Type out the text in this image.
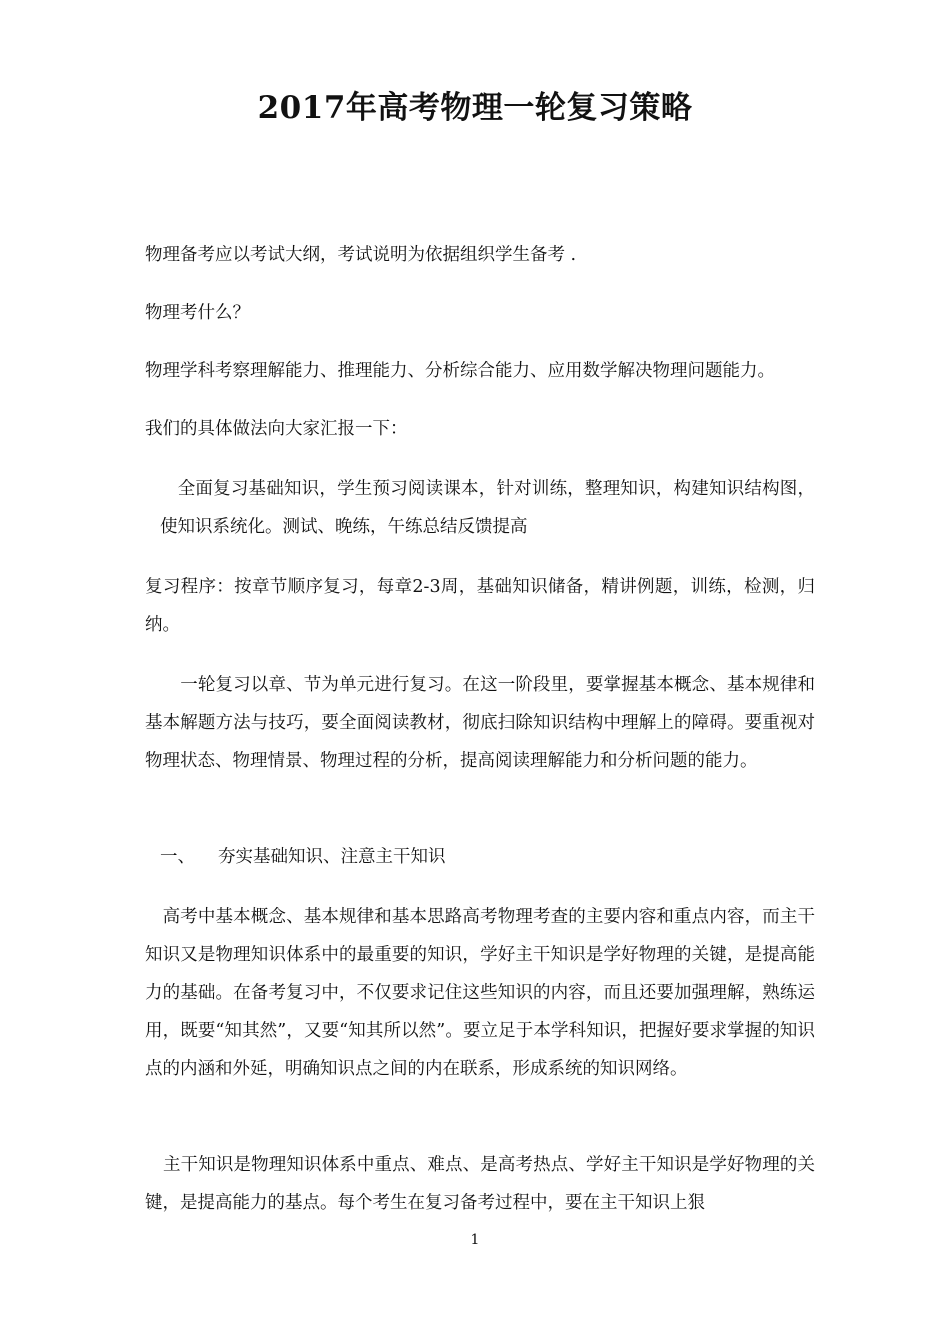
2017年高考物理一轮复习策略

物理备考应以考试大纲，考试说明为依据组织学生备考 .

物理考什么？

物理学科考察理解能力、推理能力、分析综合能力、应用数学解决物理问题能力。

我们的具体做法向大家汇报一下：

　全面复习基础知识，学生预习阅读课本，针对训练，整理知识，构建知识结构图，使知识系统化。测试、晚练，午练总结反馈提高

复习程序：按章节顺序复习，每章2-3周，基础知识储备，精讲例题，训练，检测，归纳。

　　一轮复习以章、节为单元进行复习。在这一阶段里，要掌握基本概念、基本规律和基本解题方法与技巧，要全面阅读教材，彻底扫除知识结构中理解上的障碍。要重视对物理状态、物理情景、物理过程的分析，提高阅读理解能力和分析问题的能力。

一、 夯实基础知识、注意主干知识

　高考中基本概念、基本规律和基本思路高考物理考查的主要内容和重点内容，而主干知识又是物理知识体系中的最重要的知识，学好主干知识是学好物理的关键，是提高能力的基础。在备考复习中，不仅要求记住这些知识的内容，而且还要加强理解，熟练运用，既要“知其然”，又要“知其所以然”。要立足于本学科知识，把握好要求掌握的知识点的内涵和外延，明确知识点之间的内在联系，形成系统的知识网络。

主干知识是物理知识体系中重点、难点、是高考热点、学好主干知识是学好物理的关键，是提高能力的基点。每个考生在复习备考过程中，要在主干知识上狠

1
